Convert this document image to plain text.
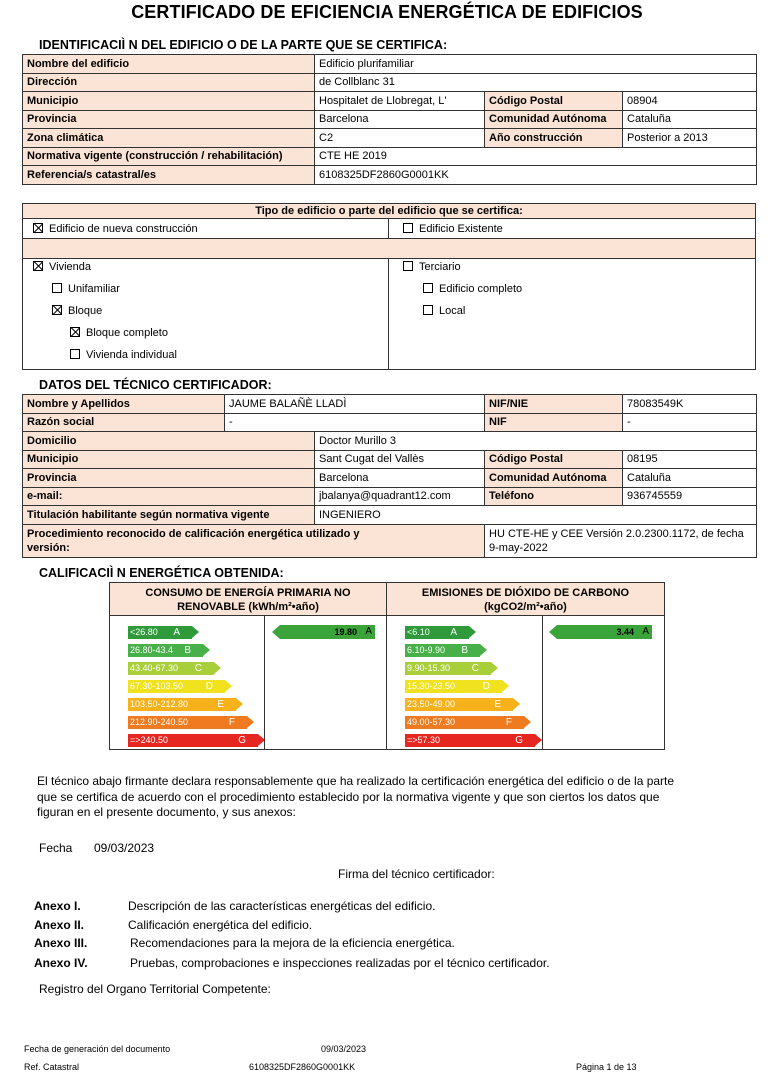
CERTIFICADO DE EFICIENCIA ENERGÉTICA DE EDIFICIOS
IDENTIFICACIÌ N DEL EDIFICIO O DE LA PARTE QUE SE CERTIFICA:
Nombre del edificio	Edificio plurifamiliar		
Dirección	de Collblanc 31		
Municipio	Hospitalet de Llobregat, L'	Código Postal	08904
Provincia	Barcelona	Comunidad Autónoma	Cataluña
Zona climática	C2	Año construcción	Posterior a 2013
Normativa vigente (construcción / rehabilitación)	CTE HE 2019		
Referencia/s catastral/es	6108325DF2860G0001KK		
Tipo de edificio o parte del edificio que se certifica:
Edificio de nueva construcción	Edificio Existente
Vivienda	Terciario
Unifamiliar	Edificio completo
Bloque	Local
Bloque completo
Vivienda individual
DATOS DEL TÉCNICO CERTIFICADOR:
Nombre y Apellidos	JAUME BALAÑÈ LLADÌ		NIF/NIE	78083549K
Razón social	-		NIF	-
Domicilio		Doctor Murillo 3		
Municipio		Sant Cugat del Vallès	Código Postal	08195
Provincia		Barcelona	Comunidad Autónoma	Cataluña
e-mail:		jbalanya@quadrant12.com	Teléfono	936745559
Titulación habilitante según normativa vigente		INGENIERO		
Procedimiento reconocido de calificación energética utilizado y
versión:			HU CTE-HE y CEE Versión 2.0.2300.1172, de fecha
9-may-2022	
CALIFICACIÌ N ENERGÉTICA OBTENIDA:
CONSUMO DE ENERGÍA PRIMARIA NO
RENOVABLE (kWh/m²•año)
EMISIONES DE DIÓXIDO DE CARBONO
(kgCO2/m²•año)
<26.80 A
26.80-43.4 B
43.40-67.30 C
67.30-103.50 D
103.50-212.80	E
212.90-240.50	F
=>240.50	G
<6.10 A
6.10-9.90 B
9.90-15.30 C
15.30-23.50	D
23.50-49.00	E
49.00-57.30	F
=>57.30	G
19.80 A	3.44 A
El técnico abajo firmante declara responsablemente que ha realizado la certificación energética del edificio o de la parte
que se certifica de acuerdo con el procedimiento establecido por la normativa vigente y que son ciertos los datos que
figuran en el presente documento, y sus anexos:
Fecha 09/03/2023
Firma del técnico certificador:
Anexo I.	Descripción de las características energéticas del edificio.
Anexo II.	Calificación energética del edificio.
Anexo III.	Recomendaciones para la mejora de la eficiencia energética.
Anexo IV.	Pruebas, comprobaciones e inspecciones realizadas por el técnico certificador.
Registro del Organo Territorial Competente:
Fecha de generación del documento	09/03/2023
Ref. Catastral	6108325DF2860G0001KK	Página 1 de 13
